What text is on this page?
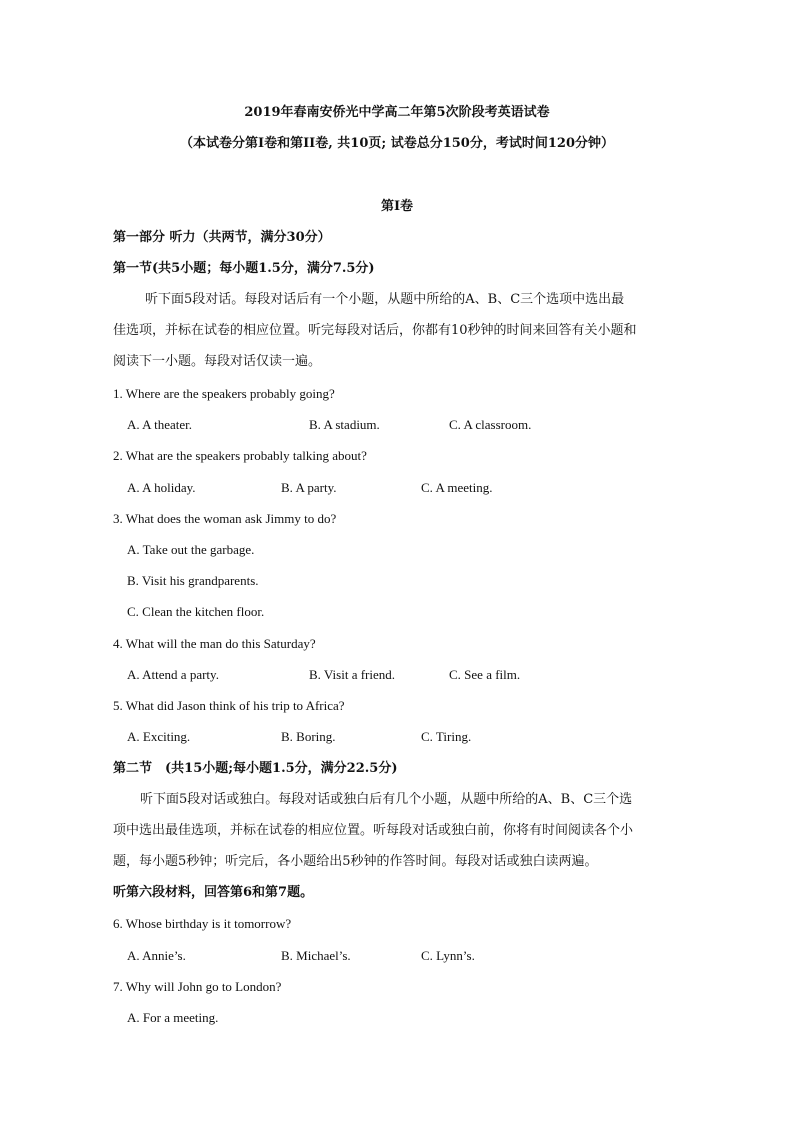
2019年春南安侨光中学高二年第5次阶段考英语试卷
（本试卷分第I卷和第II卷, 共10页; 试卷总分150分，考试时间120分钟）
第I卷
第一部分 听力（共两节，满分30分）
第一节(共5小题；每小题1.5分，满分7.5分)
听下面5段对话。每段对话后有一个小题，从题中所给的A、B、C三个选项中选出最
佳选项，并标在试卷的相应位置。听完每段对话后，你都有10秒钟的时间来回答有关小题和
阅读下一小题。每段对话仅读一遍。
1. Where are the speakers probably going?
A. A theater.	B. A stadium.	C. A classroom.
2. What are the speakers probably talking about?
A. A holiday.	B. A party.	C. A meeting.
3. What does the woman ask Jimmy to do?
A. Take out the garbage.
B. Visit his grandparents.
C. Clean the kitchen floor.
4. What will the man do this Saturday?
A. Attend a party.	B. Visit a friend.	C. See a film.
5. What did Jason think of his trip to Africa?
A. Exciting.	B. Boring.	C. Tiring.
第二节　(共15小题;每小题1.5分，满分22.5分)
听下面5段对话或独白。每段对话或独白后有几个小题，从题中所给的A、B、C三个选
项中选出最佳选项，并标在试卷的相应位置。听每段对话或独白前，你将有时间阅读各个小
题，每小题5秒钟；听完后，各小题给出5秒钟的作答时间。每段对话或独白读两遍。
听第六段材料，回答第6和第7题。
6. Whose birthday is it tomorrow?
A. Annie’s.	B. Michael’s.	C. Lynn’s.
7. Why will John go to London?
A. For a meeting.
